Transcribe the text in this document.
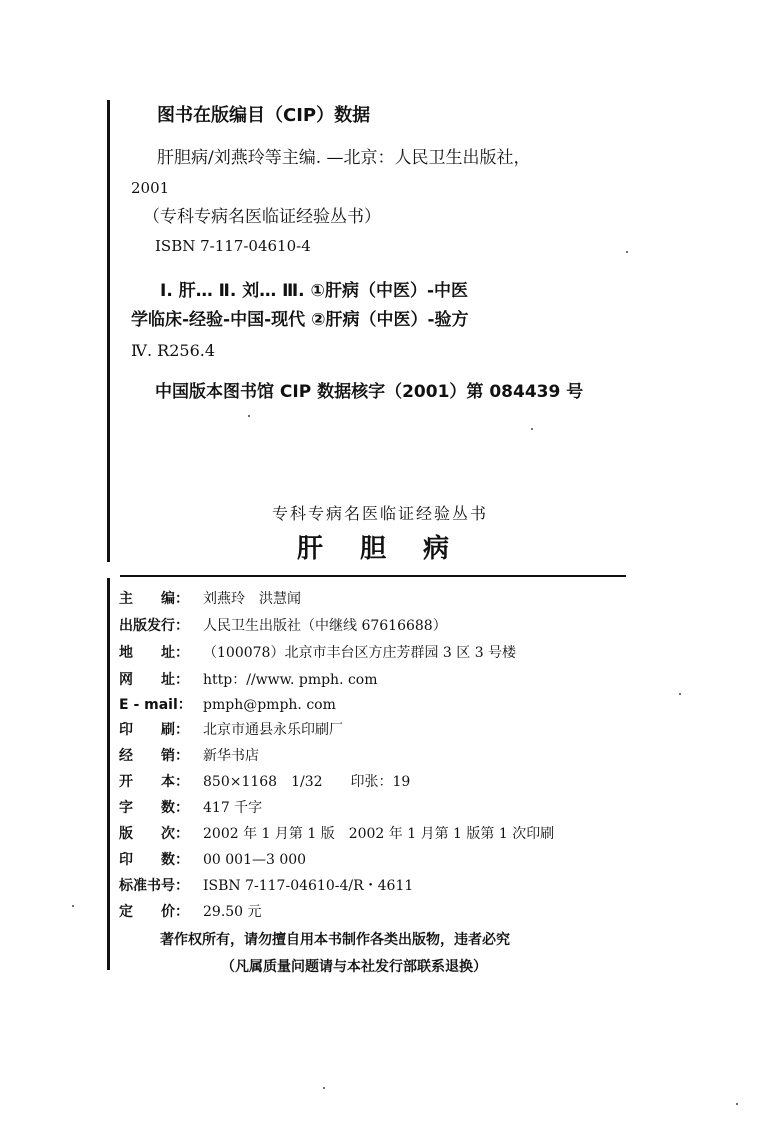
图书在版编目（CIP）数据
肝胆病/刘燕玲等主编. —北京：人民卫生出版社，
2001
（专科专病名医临证经验丛书）
ISBN 7-117-04610-4
Ⅰ. 肝… Ⅱ. 刘… Ⅲ. ①肝病（中医）-中医
学临床-经验-中国-现代 ②肝病（中医）-验方
Ⅳ. R256.4
中国版本图书馆 CIP 数据核字（2001）第 084439 号
专科专病名医临证经验丛书
肝 胆 病
主　　编： 刘燕玲　洪慧闻
出版发行： 人民卫生出版社（中继线 67616688）
地　　址： （100078）北京市丰台区方庄芳群园 3 区 3 号楼
网　　址： http：//www. pmph. com
E - mail： pmph@pmph. com
印　　刷： 北京市通县永乐印刷厂
经　　销： 新华书店
开　　本： 850×1168　1/32　　印张：19
字　　数： 417 千字
版　　次： 2002 年 1 月第 1 版　2002 年 1 月第 1 版第 1 次印刷
印　　数： 00 001—3 000
标准书号： ISBN 7-117-04610-4/R・4611
定　　价： 29.50 元
著作权所有，请勿擅自用本书制作各类出版物，违者必究
（凡属质量问题请与本社发行部联系退换）
